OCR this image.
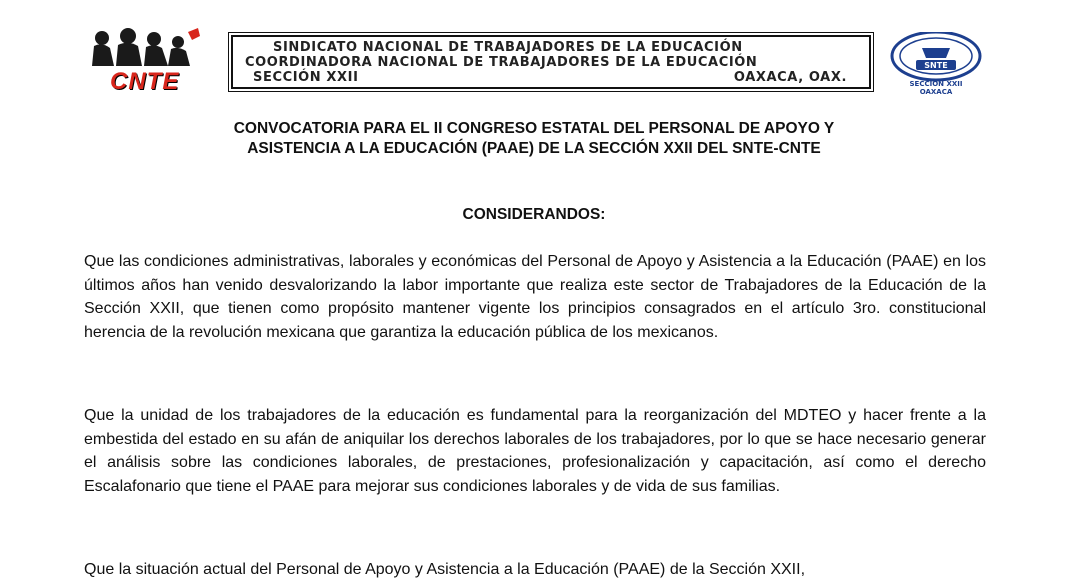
CNTE
SINDICATO NACIONAL DE TRABAJADORES DE LA EDUCACIÓN
COORDINADORA NACIONAL DE TRABAJADORES DE LA EDUCACIÓN
SECCIÓN XXII	OAXACA, OAX.
SNTE
SECCION XXII OAXACA
CONVOCATORIA PARA EL II CONGRESO ESTATAL DEL PERSONAL DE APOYO Y
ASISTENCIA A LA EDUCACIÓN (PAAE) DE LA SECCIÓN XXII DEL SNTE-CNTE
CONSIDERANDOS:
Que las condiciones administrativas, laborales y económicas del Personal de Apoyo y Asistencia a la Educación (PAAE) en los últimos años han venido desvalorizando la labor importante que realiza este sector de Trabajadores de la Educación de la Sección XXII, que tienen como propósito mantener vigente los principios consagrados en el artículo 3ro. constitucional herencia de la revolución mexicana que garantiza la educación pública de los mexicanos.
Que la unidad de los trabajadores de la educación es fundamental para la reorganización del MDTEO y hacer frente a la embestida del estado en su afán de aniquilar los derechos laborales de los trabajadores, por lo que se hace necesario generar el análisis sobre las condiciones laborales, de prestaciones, profesionalización y capacitación, así como el derecho Escalafonario que tiene el PAAE para mejorar sus condiciones laborales y de vida de sus familias.
Que la situación actual del Personal de Apoyo y Asistencia a la Educación (PAAE) de la Sección XXII,
